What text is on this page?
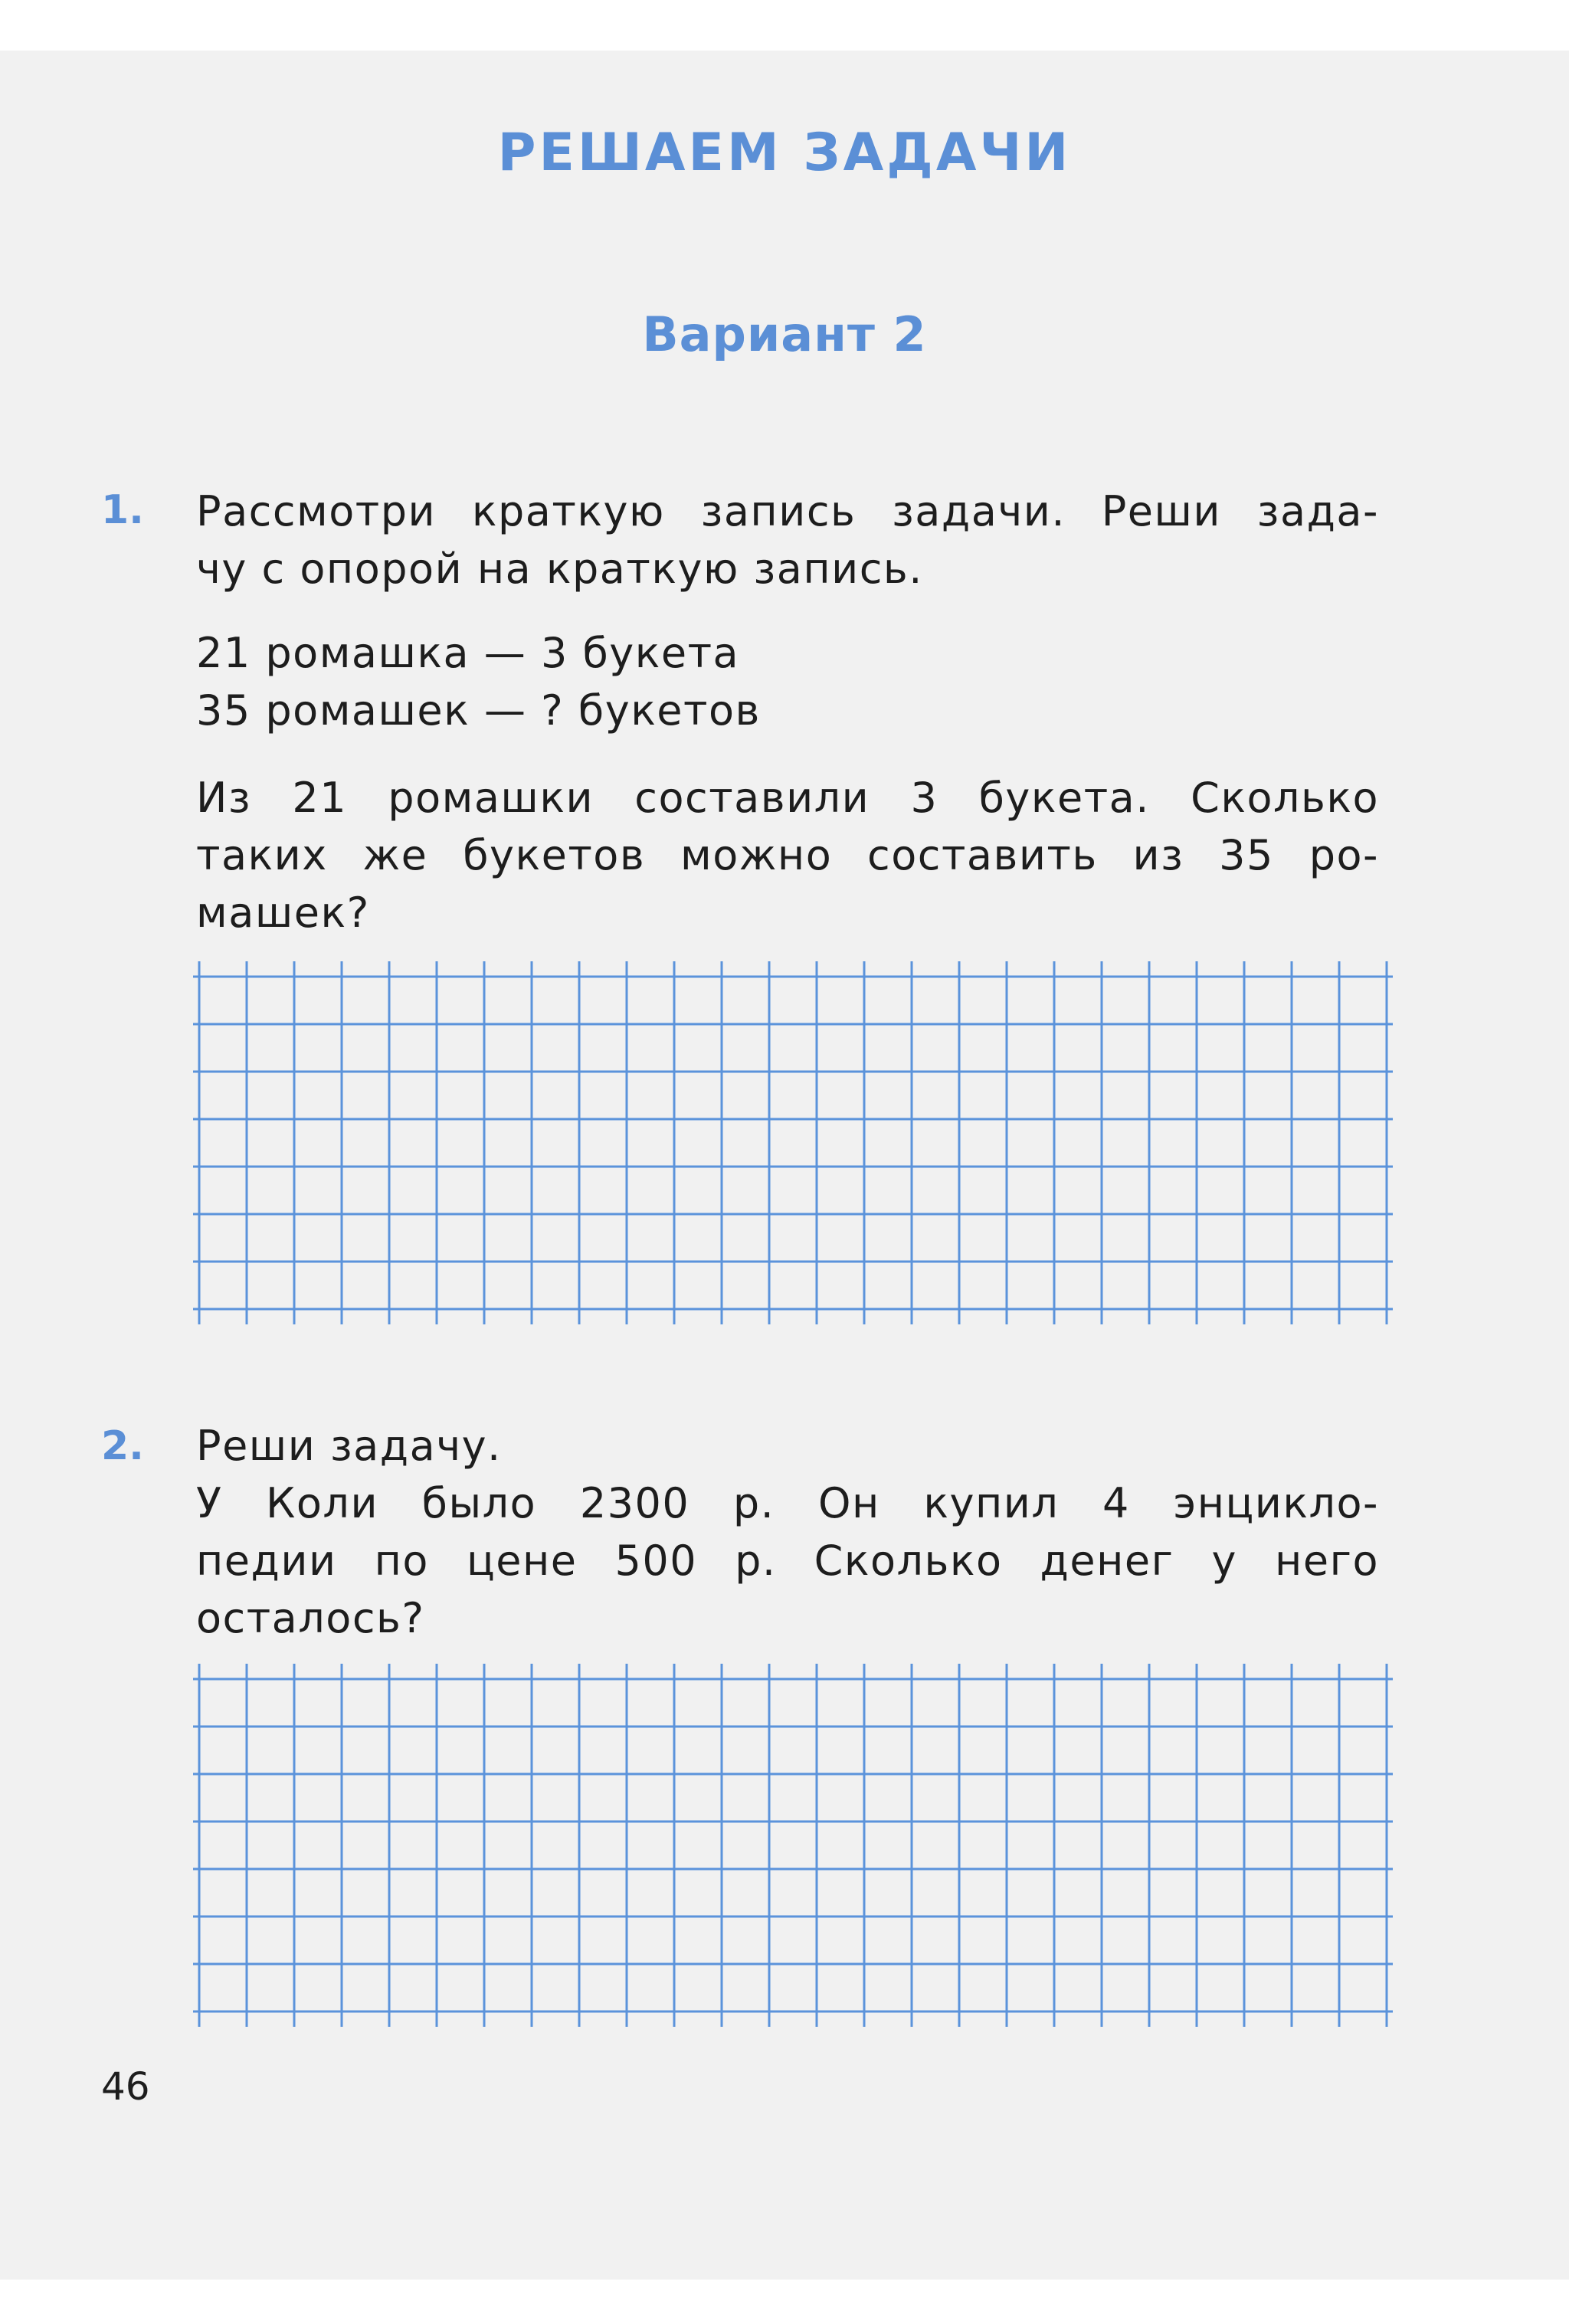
РЕШАЕМ ЗАДАЧИ
Вариант 2
1. Рассмотри краткую запись задачи. Реши зада-
чу с опорой на краткую запись.
21 ромашка — 3 букета
35 ромашек — ? букетов
Из 21 ромашки составили 3 букета. Сколько
таких же букетов можно составить из 35 ро-
машек?
2. Реши задачу.
У Коли было 2300 р. Он купил 4 энцикло-
педии по цене 500 р. Сколько денег у него
осталось?
46
